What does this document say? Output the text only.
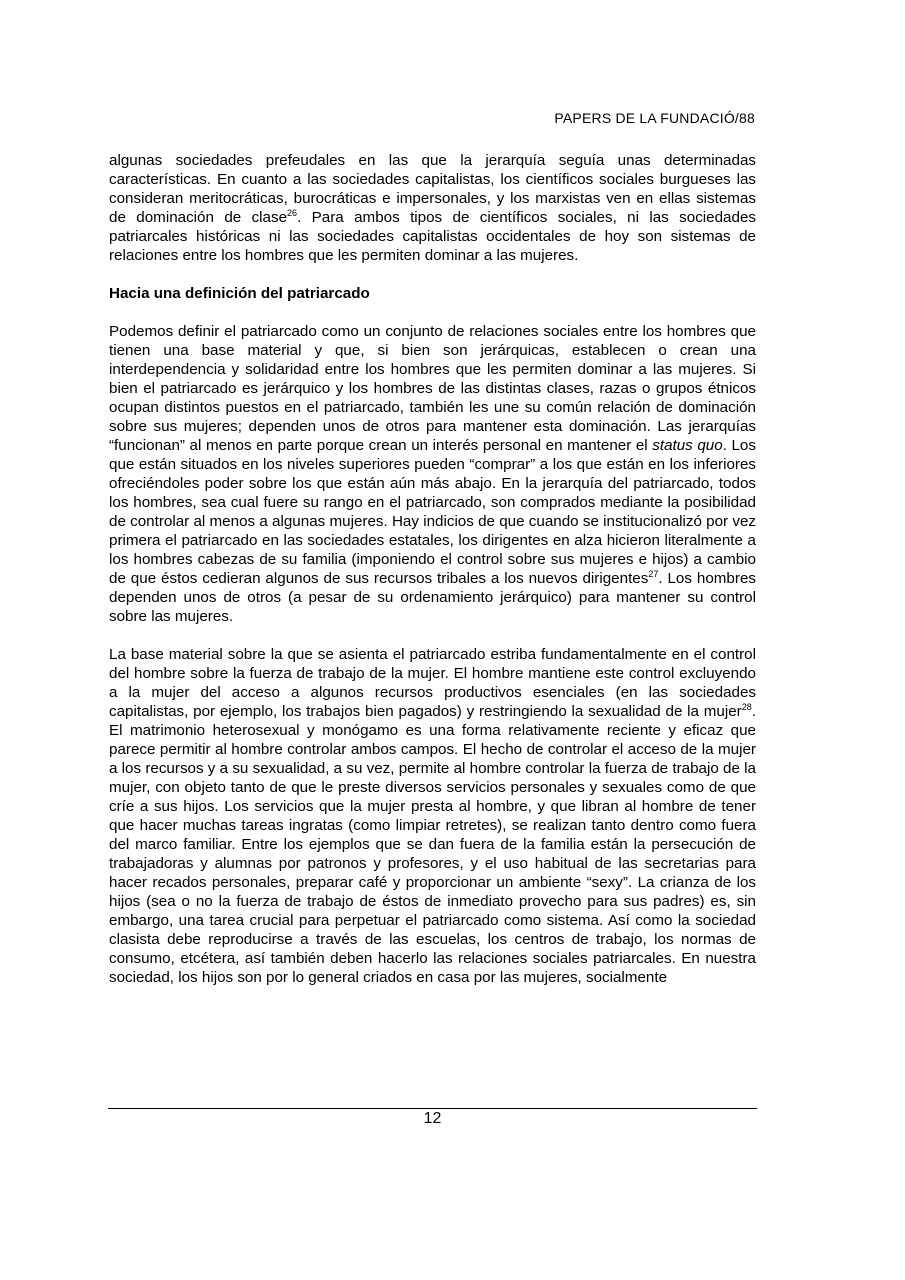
PAPERS DE LA FUNDACIÓ/88

algunas sociedades prefeudales en las que la jerarquía seguía unas determinadas características. En cuanto a las sociedades capitalistas, los científicos sociales burgueses las consideran meritocráticas, burocráticas e impersonales, y los marxistas ven en ellas sistemas de dominación de clase$^{26}$. Para ambos tipos de científicos sociales, ni las sociedades patriarcales históricas ni las sociedades capitalistas occidentales de hoy son sistemas de relaciones entre los hombres que les permiten dominar a las mujeres.

Hacia una definición del patriarcado

Podemos definir el patriarcado como un conjunto de relaciones sociales entre los hombres que tienen una base material y que, si bien son jerárquicas, establecen o crean una interdependencia y solidaridad entre los hombres que les permiten dominar a las mujeres. Si bien el patriarcado es jerárquico y los hombres de las distintas clases, razas o grupos étnicos ocupan distintos puestos en el patriarcado, también les une su común relación de dominación sobre sus mujeres; dependen unos de otros para mantener esta dominación. Las jerarquías “funcionan” al menos en parte porque crean un interés personal en mantener el status quo. Los que están situados en los niveles superiores pueden “comprar” a los que están en los inferiores ofreciéndoles poder sobre los que están aún más abajo. En la jerarquía del patriarcado, todos los hombres, sea cual fuere su rango en el patriarcado, son comprados mediante la posibilidad de controlar al menos a algunas mujeres. Hay indicios de que cuando se institucionalizó por vez primera el patriarcado en las sociedades estatales, los dirigentes en alza hicieron literalmente a los hombres cabezas de su familia (imponiendo el control sobre sus mujeres e hijos) a cambio de que éstos cedieran algunos de sus recursos tribales a los nuevos dirigentes$^{27}$. Los hombres dependen unos de otros (a pesar de su ordenamiento jerárquico) para mantener su control sobre las mujeres.

La base material sobre la que se asienta el patriarcado estriba fundamentalmente en el control del hombre sobre la fuerza de trabajo de la mujer. El hombre mantiene este control excluyendo a la mujer del acceso a algunos recursos productivos esenciales (en las sociedades capitalistas, por ejemplo, los trabajos bien pagados) y restringiendo la sexualidad de la mujer$^{28}$. El matrimonio heterosexual y monógamo es una forma relativamente reciente y eficaz que parece permitir al hombre controlar ambos campos. El hecho de controlar el acceso de la mujer a los recursos y a su sexualidad, a su vez, permite al hombre controlar la fuerza de trabajo de la mujer, con objeto tanto de que le preste diversos servicios personales y sexuales como de que críe a sus hijos. Los servicios que la mujer presta al hombre, y que libran al hombre de tener que hacer muchas tareas ingratas (como limpiar retretes), se realizan tanto dentro como fuera del marco familiar. Entre los ejemplos que se dan fuera de la familia están la persecución de trabajadoras y alumnas por patronos y profesores, y el uso habitual de las secretarias para hacer recados personales, preparar café y proporcionar un ambiente “sexy”. La crianza de los hijos (sea o no la fuerza de trabajo de éstos de inmediato provecho para sus padres) es, sin embargo, una tarea crucial para perpetuar el patriarcado como sistema. Así como la sociedad clasista debe reproducirse a través de las escuelas, los centros de trabajo, los normas de consumo, etcétera, así también deben hacerlo las relaciones sociales patriarcales. En nuestra sociedad, los hijos son por lo general criados en casa por las mujeres, socialmente

12
